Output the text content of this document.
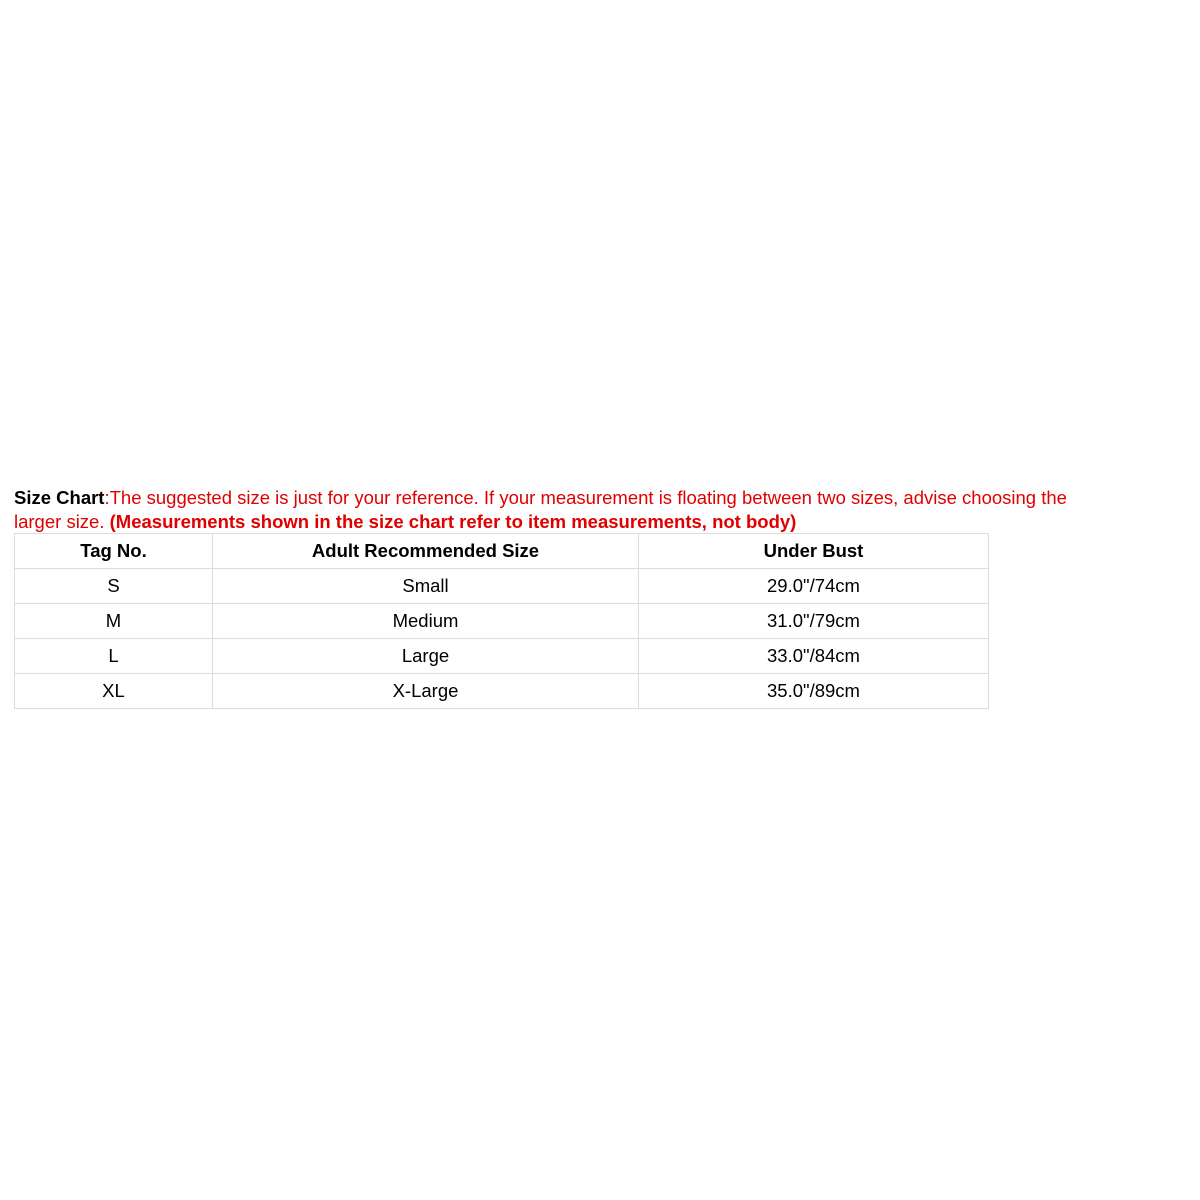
Size Chart:The suggested size is just for your reference. If your measurement is floating between two sizes, advise choosing the
larger size. (Measurements shown in the size chart refer to item measurements, not body)
Tag No.	Adult Recommended Size	Under Bust
S	Small	29.0"/74cm
M	Medium	31.0"/79cm
L	Large	33.0"/84cm
XL	X-Large	35.0"/89cm
